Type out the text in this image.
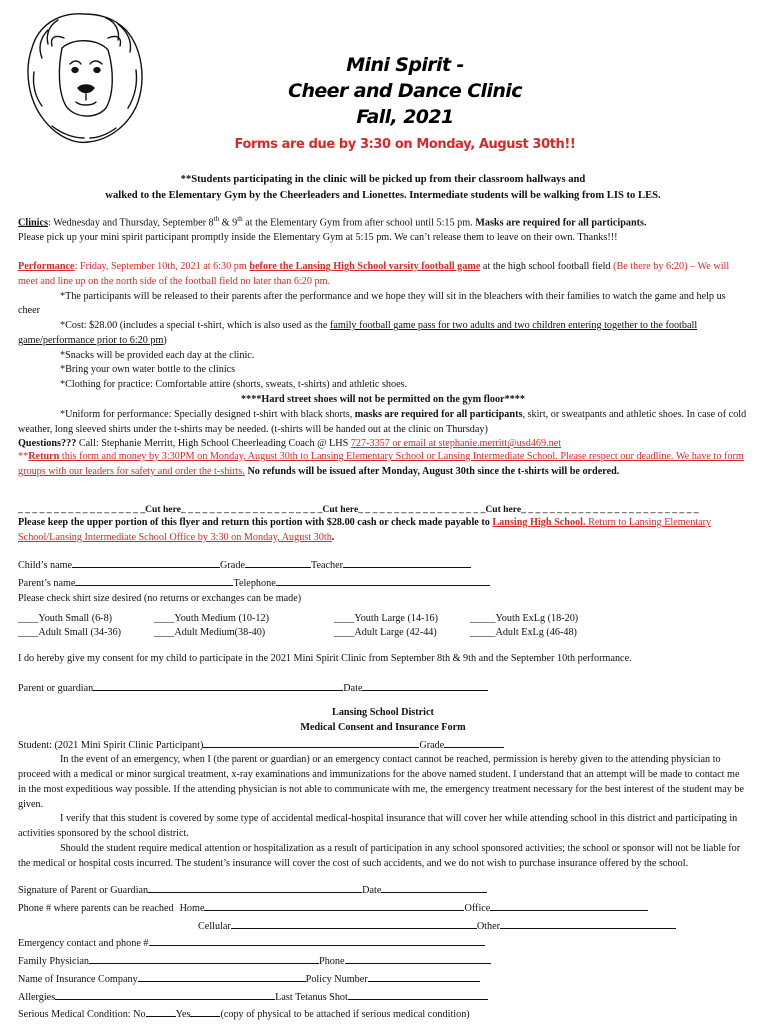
Mini Spirit -
Cheer and Dance Clinic
Fall, 2021
Forms are due by 3:30 on Monday, August 30th!!
**Students participating in the clinic will be picked up from their classroom hallways and
walked to the Elementary Gym by the Cheerleaders and Lionettes. Intermediate students will be walking from LIS to LES.

Clinics: Wednesday and Thursday, September 8th & 9th at the Elementary Gym from after school until 5:15 pm. Masks are required for all participants.

Please pick up your mini spirit participant promptly inside the Elementary Gym at 5:15 pm. We can’t release them to leave on their own. Thanks!!!

Performance: Friday, September 10th, 2021 at 6:30 pm before the Lansing High School varsity football game at the high school football field (Be there by 6:20) – We will meet and line up on the north side of the football field no later than 6:20 pm.

*The participants will be released to their parents after the performance and we hope they will sit in the bleachers with their families to watch the game and help us cheer

*Cost: $28.00 (includes a special t-shirt, which is also used as the family football game pass for two adults and two children entering together to the football game/performance prior to 6:20 pm)

*Snacks will be provided each day at the clinic.

*Bring your own water bottle to the clinics

*Clothing for practice: Comfortable attire (shorts, sweats, t-shirts) and athletic shoes.

****Hard street shoes will not be permitted on the gym floor****

*Uniform for performance: Specially designed t-shirt with black shorts, masks are required for all participants, skirt, or sweatpants and athletic shoes. In case of cold weather, long sleeved shirts under the t-shirts may be needed. (t-shirts will be handed out at the clinic on Thursday)

Questions??? Call: Stephanie Merritt, High School Cheerleading Coach @ LHS 727-3357 or email at stephanie.merritt@usd469.net

**Return this form and money by 3:30PM on Monday, August 30th to Lansing Elementary School or Lansing Intermediate School. Please respect our deadline. We have to form groups with our leaders for safety and order the t-shirts. No refunds will be issued after Monday, August 30th since the t-shirts will be ordered.

_ _ _ _ _ _ _ _ _ _ _ _ _ _ _ _ _ _Cut here_ _ _ _ _ _ _ _ _ _ _ _ _ _ _ _ _ _ _ _Cut here_ _ _ _ _ _ _ _ _ _ _ _ _ _ _ _ _ _Cut here_ _ _ _ _ _ _ _ _ _ _ _ _ _ _ _ _ _ _ _ _ _ _ _ _

Please keep the upper portion of this flyer and return this portion with $28.00 cash or check made payable to Lansing High School. Return to Lansing Elementary School/Lansing Intermediate School Office by 3:30 on Monday, August 30th.

Child’s name	Grade	Teacher

Parent’s name	Telephone

Please check shirt size desired (no returns or exchanges can be made)

____Youth Small (6-8)	____Youth Medium (10-12)	____Youth Large (14-16)	_____Youth ExLg (18-20)
____Adult Small (34-36)	____Adult Medium(38-40)	____Adult Large (42-44)	_____Adult ExLg (46-48)

I do hereby give my consent for my child to participate in the 2021 Mini Spirit Clinic from September 8th & 9th and the September 10th performance.

Parent or guardian	Date

Lansing School District

Medical Consent and Insurance Form

Student: (2021 Mini Spirit Clinic Participant)	Grade

In the event of an emergency, when I (the parent or guardian) or an emergency contact cannot be reached, permission is hereby given to the attending physician to proceed with a medical or minor surgical treatment, x-ray examinations and immunizations for the above named student. I understand that an attempt will be made to contact me in the most expeditious way possible. If the attending physician is not able to communicate with me, the emergency treatment necessary for the best interest of the student may be given.

I verify that this student is covered by some type of accidental medical-hospital insurance that will cover her while attending school in this district and participating in activities sponsored by the school district.

Should the student require medical attention or hospitalization as a result of participation in any school sponsored activities; the school or sponsor will not be liable for the medical or hospital costs incurred. The student’s insurance will cover the cost of such accidents, and we do not wish to purchase insurance offered by the school.

Signature of Parent or Guardian	Date

Phone # where parents can be reached Home	Office

Cellular	Other

Emergency contact and phone #

Family Physician	Phone

Name of Insurance Company	Policy Number

Allergies	Last Tetanus Shot

Serious Medical Condition: No	Yes	(copy of physical to be attached if serious medical condition)
